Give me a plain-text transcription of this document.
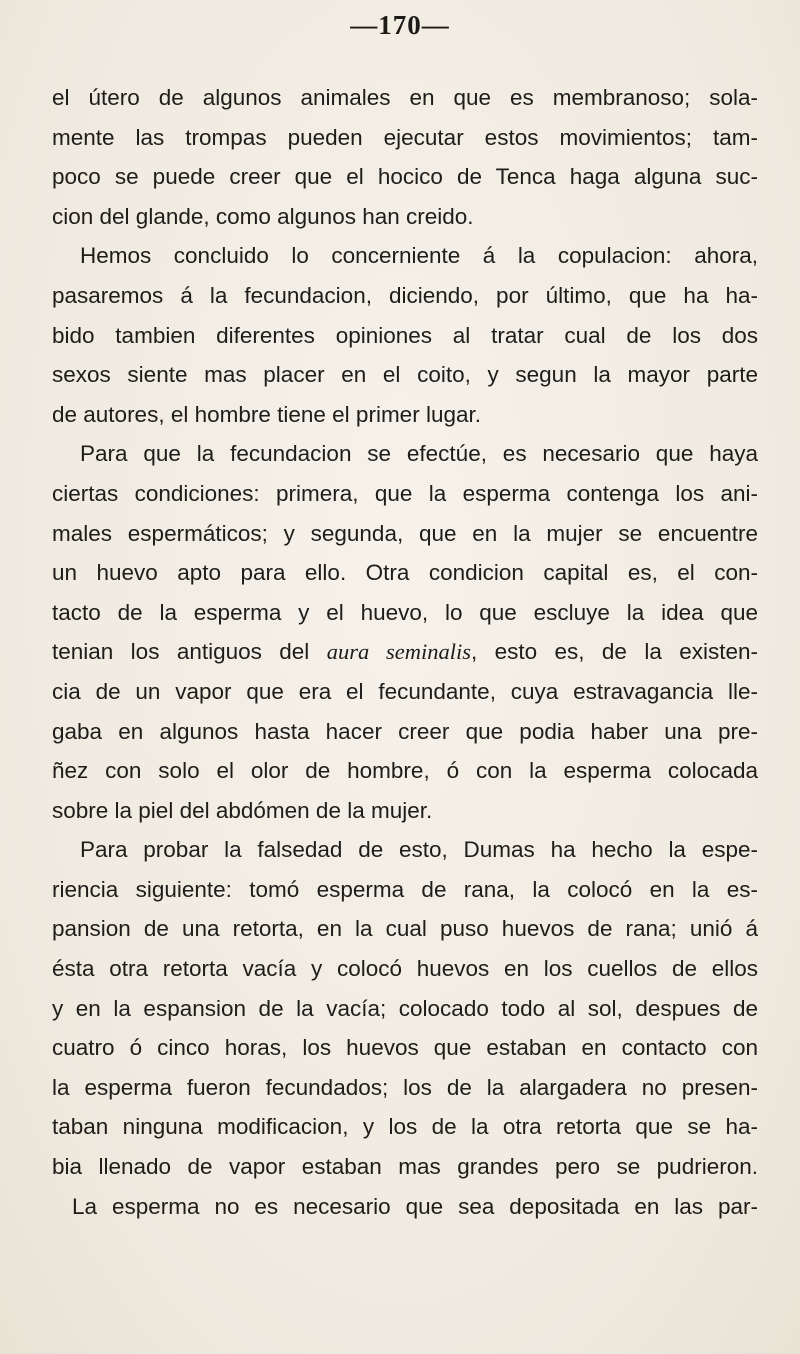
—170—
el útero de algunos animales en que es membranoso; sola-
mente las trompas pueden ejecutar estos movimientos; tam-
poco se puede creer que el hocico de Tenca haga alguna suc-
cion del glande, como algunos han creido.
Hemos concluido lo concerniente á la copulacion: ahora,
pasaremos á la fecundacion, diciendo, por último, que ha ha-
bido tambien diferentes opiniones al tratar cual de los dos
sexos siente mas placer en el coito, y segun la mayor parte
de autores, el hombre tiene el primer lugar.
Para que la fecundacion se efectúe, es necesario que haya
ciertas condiciones: primera, que la esperma contenga los ani-
males espermáticos; y segunda, que en la mujer se encuentre
un huevo apto para ello. Otra condicion capital es, el con-
tacto de la esperma y el huevo, lo que escluye la idea que
tenian los antiguos del aura seminalis, esto es, de la existen-
cia de un vapor que era el fecundante, cuya estravagancia lle-
gaba en algunos hasta hacer creer que podia haber una pre-
ñez con solo el olor de hombre, ó con la esperma colocada
sobre la piel del abdómen de la mujer.
Para probar la falsedad de esto, Dumas ha hecho la espe-
riencia siguiente: tomó esperma de rana, la colocó en la es-
pansion de una retorta, en la cual puso huevos de rana; unió á
ésta otra retorta vacía y colocó huevos en los cuellos de ellos
y en la espansion de la vacía; colocado todo al sol, despues de
cuatro ó cinco horas, los huevos que estaban en contacto con
la esperma fueron fecundados; los de la alargadera no presen-
taban ninguna modificacion, y los de la otra retorta que se ha-
bia llenado de vapor estaban mas grandes pero se pudrieron.
La esperma no es necesario que sea depositada en las par-
